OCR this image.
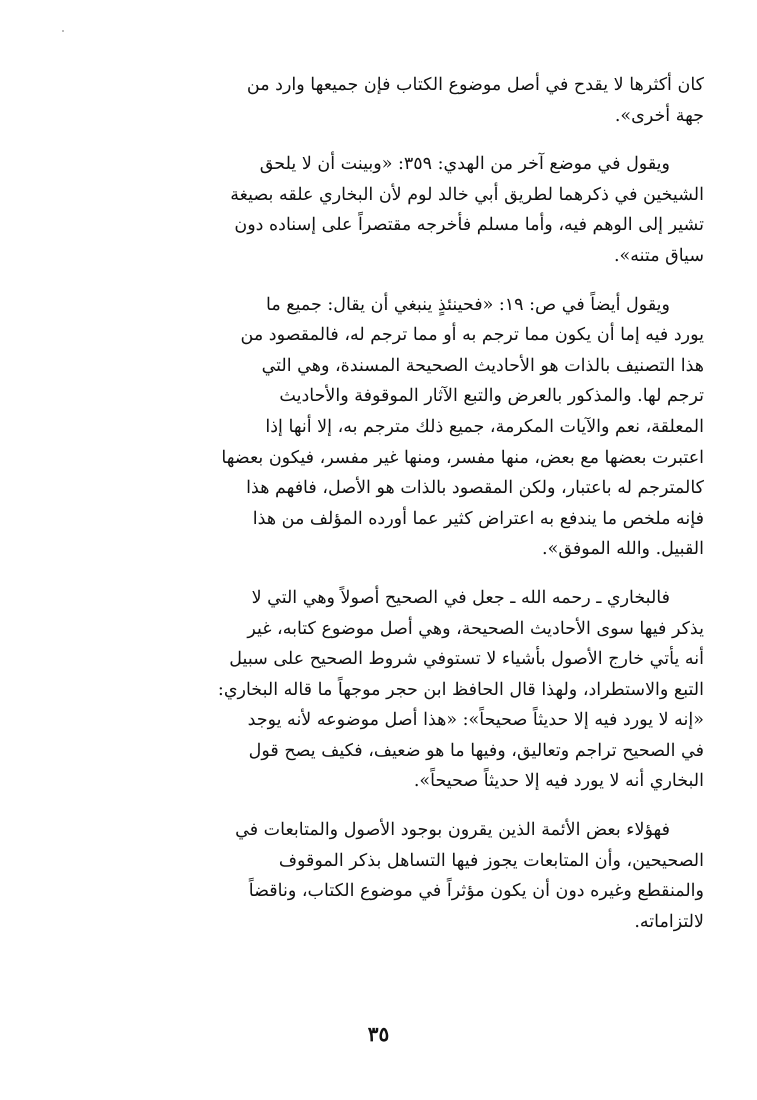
كان أكثرها لا يقدح في أصل موضوع الكتاب فإن جميعها وارد من
جهة أخرى».

ويقول في موضع آخر من الهدي: ٣٥٩: «وبينت أن لا يلحق
الشيخين في ذكرهما لطريق أبي خالد لوم لأن البخاري علقه بصيغة
تشير إلى الوهم فيه، وأما مسلم فأخرجه مقتصراً على إسناده دون
سياق متنه».

ويقول أيضاً في ص: ١٩: «فحينئذٍ ينبغي أن يقال: جميع ما
يورد فيه إما أن يكون مما ترجم به أو مما ترجم له، فالمقصود من
هذا التصنيف بالذات هو الأحاديث الصحيحة المسندة، وهي التي
ترجم لها. والمذكور بالعرض والتبع الآثار الموقوفة والأحاديث
المعلقة، نعم والآيات المكرمة، جميع ذلك مترجم به، إلا أنها إذا
اعتبرت بعضها مع بعض، منها مفسر، ومنها غير مفسر، فيكون بعضها
كالمترجم له باعتبار، ولكن المقصود بالذات هو الأصل، فافهم هذا
فإنه ملخص ما يندفع به اعتراض كثير عما أورده المؤلف من هذا
القبيل. والله الموفق».

فالبخاري ـ رحمه الله ـ جعل في الصحيح أصولاً وهي التي لا
يذكر فيها سوى الأحاديث الصحيحة، وهي أصل موضوع كتابه، غير
أنه يأتي خارج الأصول بأشياء لا تستوفي شروط الصحيح على سبيل
التبع والاستطراد، ولهذا قال الحافظ ابن حجر موجهاً ما قاله البخاري:
«إنه لا يورد فيه إلا حديثاً صحيحاً»: «هذا أصل موضوعه لأنه يوجد
في الصحيح تراجم وتعاليق، وفيها ما هو ضعيف، فكيف يصح قول
البخاري أنه لا يورد فيه إلا حديثاً صحيحاً».

فهؤلاء بعض الأئمة الذين يقرون بوجود الأصول والمتابعات في
الصحيحين، وأن المتابعات يجوز فيها التساهل بذكر الموقوف
والمنقطع وغيره دون أن يكون مؤثراً في موضوع الكتاب، وناقضاً
لالتزاماته.

٣٥
